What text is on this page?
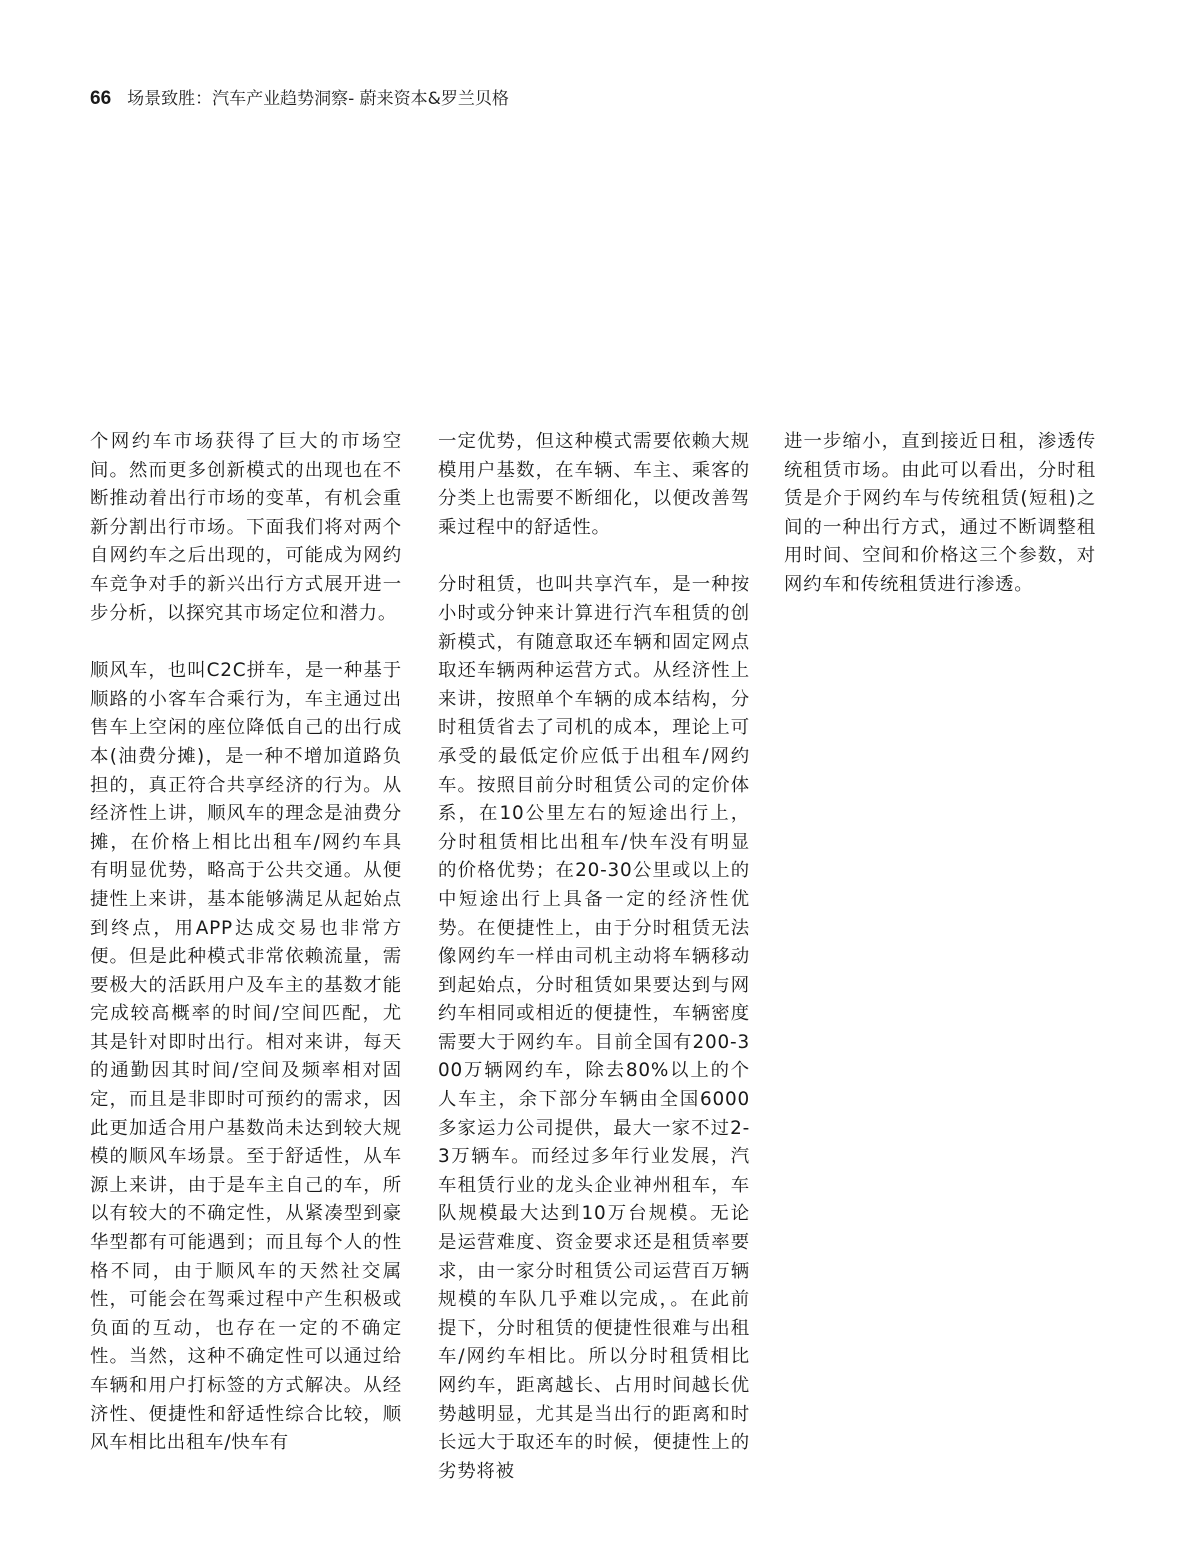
66 场景致胜：汽车产业趋势洞察- 蔚来资本&罗兰贝格

个网约车市场获得了巨大的市场空间。然而更多创新模式的出现也在不断推动着出行市场的变革，有机会重新分割出行市场。下面我们将对两个自网约车之后出现的，可能成为网约车竞争对手的新兴出行方式展开进一步分析，以探究其市场定位和潜力。

顺风车，也叫C2C拼车，是一种基于顺路的小客车合乘行为，车主通过出售车上空闲的座位降低自己的出行成本(油费分摊)，是一种不增加道路负担的，真正符合共享经济的行为。从经济性上讲，顺风车的理念是油费分摊，在价格上相比出租车/网约车具有明显优势，略高于公共交通。从便捷性上来讲，基本能够满足从起始点到终点，用APP达成交易也非常方便。但是此种模式非常依赖流量，需要极大的活跃用户及车主的基数才能完成较高概率的时间/空间匹配，尤其是针对即时出行。相对来讲，每天的通勤因其时间/空间及频率相对固定，而且是非即时可预约的需求，因此更加适合用户基数尚未达到较大规模的顺风车场景。至于舒适性，从车源上来讲，由于是车主自己的车，所以有较大的不确定性，从紧凑型到豪华型都有可能遇到；而且每个人的性格不同，由于顺风车的天然社交属性，可能会在驾乘过程中产生积极或负面的互动，也存在一定的不确定性。当然，这种不确定性可以通过给车辆和用户打标签的方式解决。从经济性、便捷性和舒适性综合比较，顺风车相比出租车/快车有

一定优势，但这种模式需要依赖大规模用户基数，在车辆、车主、乘客的分类上也需要不断细化，以便改善驾乘过程中的舒适性。

分时租赁，也叫共享汽车，是一种按小时或分钟来计算进行汽车租赁的创新模式，有随意取还车辆和固定网点取还车辆两种运营方式。从经济性上来讲，按照单个车辆的成本结构，分时租赁省去了司机的成本，理论上可承受的最低定价应低于出租车/网约车。按照目前分时租赁公司的定价体系，在10公里左右的短途出行上，分时租赁相比出租车/快车没有明显的价格优势；在20-30公里或以上的中短途出行上具备一定的经济性优势。在便捷性上，由于分时租赁无法像网约车一样由司机主动将车辆移动到起始点，分时租赁如果要达到与网约车相同或相近的便捷性，车辆密度需要大于网约车。目前全国有200-300万辆网约车，除去80%以上的个人车主，余下部分车辆由全国6000多家运力公司提供，最大一家不过2-3万辆车。而经过多年行业发展，汽车租赁行业的龙头企业神州租车，车队规模最大达到10万台规模。无论是运营难度、资金要求还是租赁率要求，由一家分时租赁公司运营百万辆规模的车队几乎难以完成，。在此前提下，分时租赁的便捷性很难与出租车/网约车相比。所以分时租赁相比网约车，距离越长、占用时间越长优势越明显，尤其是当出行的距离和时长远大于取还车的时候，便捷性上的劣势将被

进一步缩小，直到接近日租，渗透传统租赁市场。由此可以看出，分时租赁是介于网约车与传统租赁(短租)之间的一种出行方式，通过不断调整租用时间、空间和价格这三个参数，对网约车和传统租赁进行渗透。
